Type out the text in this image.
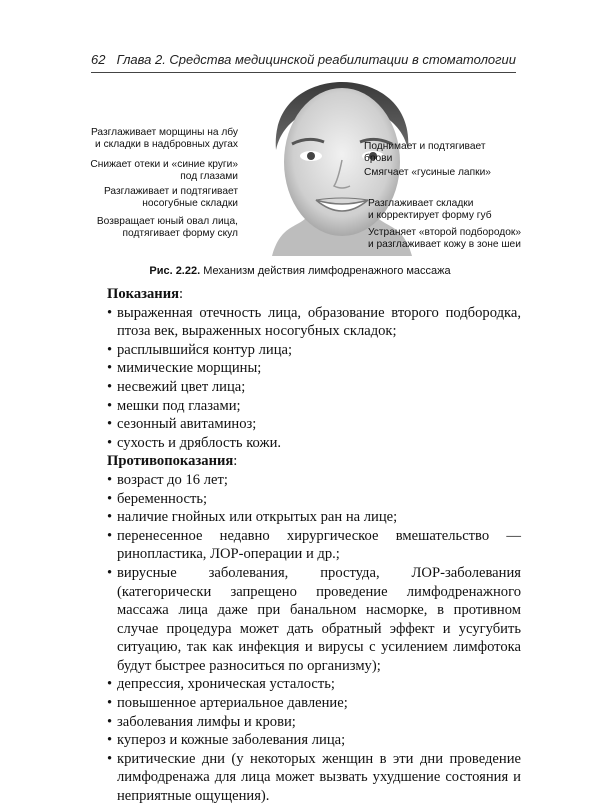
62 Глава 2. Средства медицинской реабилитации в стоматологии
Разглаживает морщины на лбу
и складки в надбровных дугах
Снижает отеки и «синие круги»
под глазами
Разглаживает и подтягивает
носогубные складки
Возвращает юный овал лица,
подтягивает форму скул
Поднимает и подтягивает
брови
Смягчает «гусиные лапки»
Разглаживает складки
и корректирует форму губ
Устраняет «второй подбородок»
и разглаживает кожу в зоне шеи
Рис. 2.22. Механизм действия лимфодренажного массажа
Показания:
• выраженная отечность лица, образование второго подбородка, птоза век, выраженных носогубных складок;
• расплывшийся контур лица;
• мимические морщины;
• несвежий цвет лица;
• мешки под глазами;
• сезонный авитаминоз;
• сухость и дряблость кожи.
Противопоказания:
• возраст до 16 лет;
• беременность;
• наличие гнойных или открытых ран на лице;
• перенесенное недавно хирургическое вмешательство — ринопластика, ЛОР-операции и др.;
• вирусные заболевания, простуда, ЛОР-заболевания (категорически запрещено проведение лимфодренажного массажа лица даже при банальном насморке, в противном случае процедура может дать обратный эффект и усугубить ситуацию, так как инфекция и вирусы с усилением лимфотока будут быстрее разноситься по организму);
• депрессия, хроническая усталость;
• повышенное артериальное давление;
• заболевания лимфы и крови;
• купероз и кожные заболевания лица;
• критические дни (у некоторых женщин в эти дни проведение лимфодренажа для лица может вызвать ухудшение состояния и неприятные ощущения).
